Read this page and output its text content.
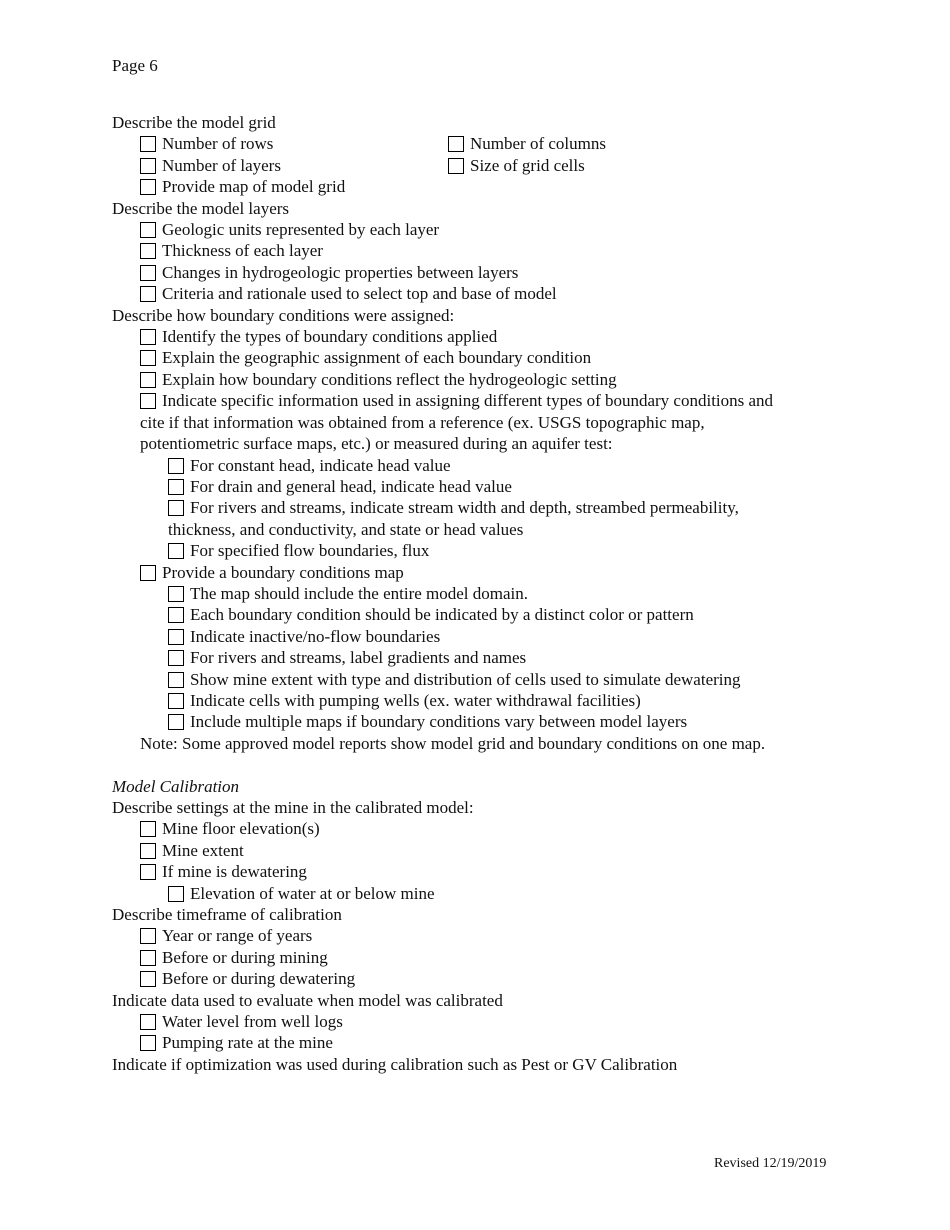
Page 6

Describe the model grid

Number of rows	Number of columns
Number of layers	Size of grid cells

Provide map of model grid

Describe the model layers

Geologic units represented by each layer

Thickness of each layer

Changes in hydrogeologic properties between layers

Criteria and rationale used to select top and base of model

Describe how boundary conditions were assigned:

Identify the types of boundary conditions applied

Explain the geographic assignment of each boundary condition

Explain how boundary conditions reflect the hydrogeologic setting

Indicate specific information used in assigning different types of boundary conditions and

cite if that information was obtained from a reference (ex. USGS topographic map,

potentiometric surface maps, etc.) or measured during an aquifer test:

For constant head, indicate head value

For drain and general head, indicate head value

For rivers and streams, indicate stream width and depth, streambed permeability,

thickness, and conductivity, and state or head values

For specified flow boundaries, flux

Provide a boundary conditions map

The map should include the entire model domain.

Each boundary condition should be indicated by a distinct color or pattern

Indicate inactive/no-flow boundaries

For rivers and streams, label gradients and names

Show mine extent with type and distribution of cells used to simulate dewatering

Indicate cells with pumping wells (ex. water withdrawal facilities)

Include multiple maps if boundary conditions vary between model layers

Note: Some approved model reports show model grid and boundary conditions on one map.

Model Calibration

Describe settings at the mine in the calibrated model:

Mine floor elevation(s)

Mine extent

If mine is dewatering

Elevation of water at or below mine

Describe timeframe of calibration

Year or range of years

Before or during mining

Before or during dewatering

Indicate data used to evaluate when model was calibrated

Water level from well logs

Pumping rate at the mine

Indicate if optimization was used during calibration such as Pest or GV Calibration

Revised 12/19/2019
